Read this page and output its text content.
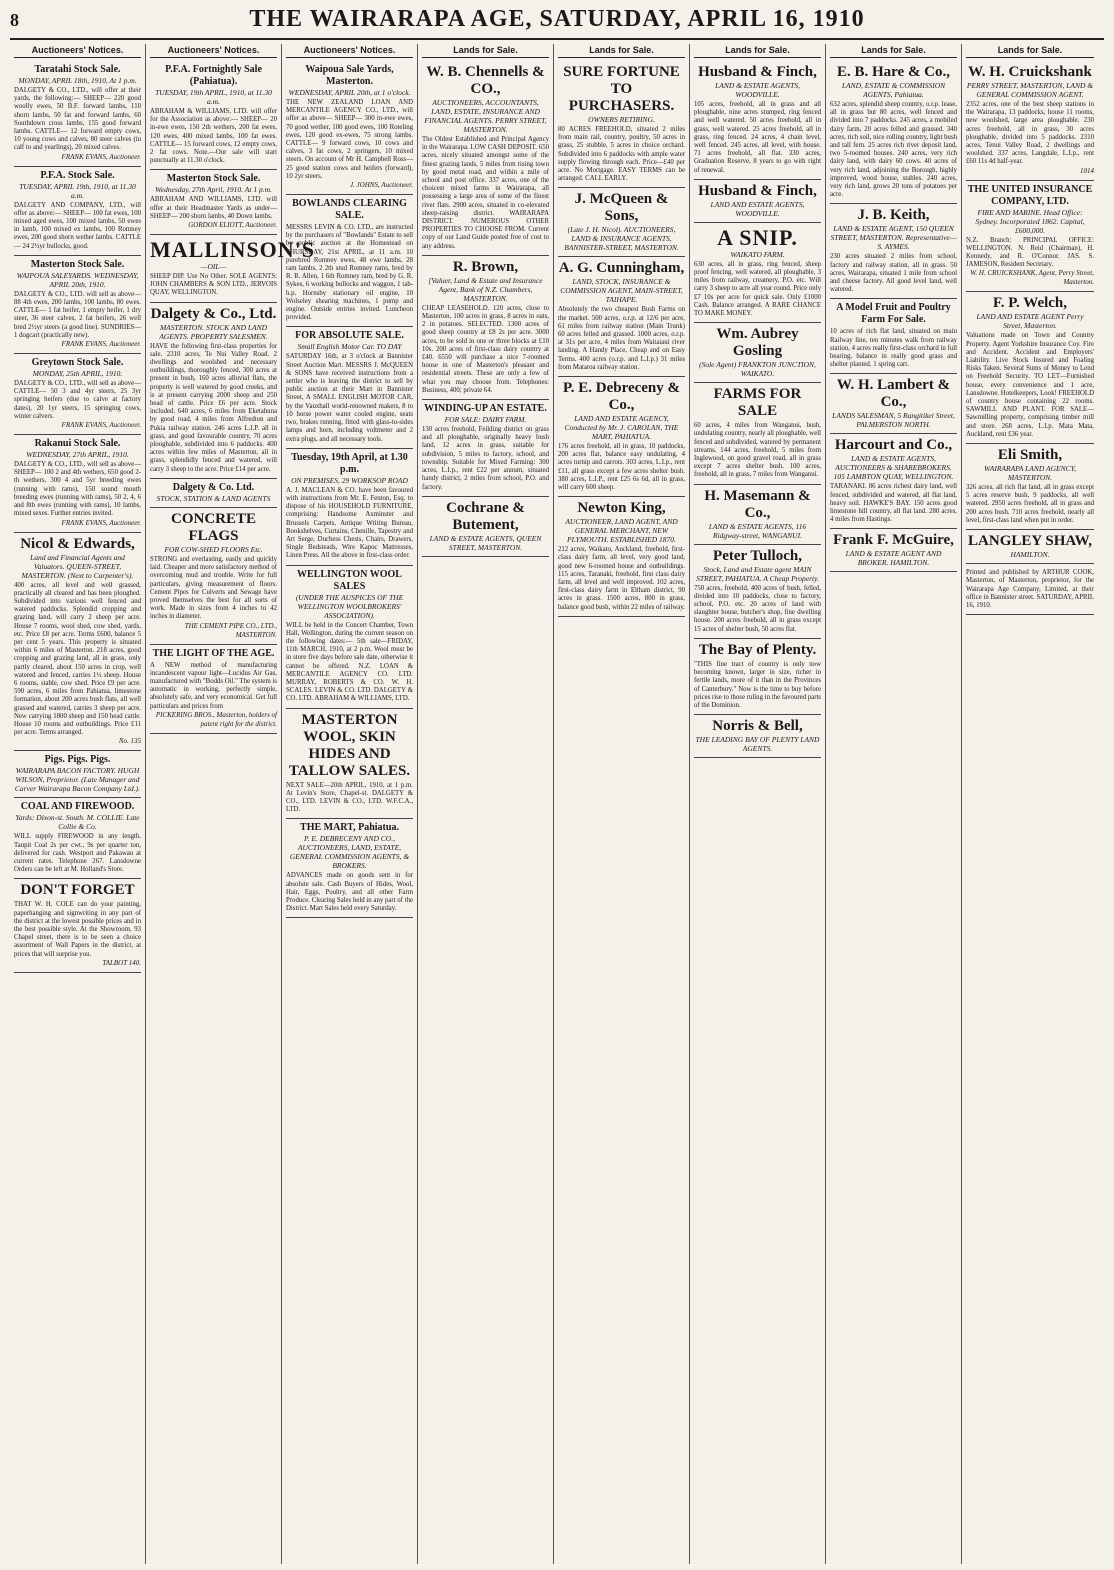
8	THE WAIRARAPA AGE, SATURDAY, APRIL 16, 1910
Auctioneers' Notices.
Taratahi Stock Sale.
MONDAY, APRIL 18th, 1910, At 1 p.m.
DALGETY & CO., LTD., will offer at their yards, the following:— SHEEP— 220 good woolly ewes, 50 B.F. forward lambs, 110 shorn lambs, 50 fat and forward lambs, 60 Southdown cross lambs, 155 good forward lambs. CATTLE— 12 forward empty cows, 10 young cows and calves, 80 steer calves (in calf to and yearlings), 20 mixed calves.
FRANK EVANS, Auctioneer.
P.F.A. Stock Sale.
TUESDAY, APRIL 19th, 1910, at 11.30 a.m.
DALGETY AND COMPANY, LTD., will offer as above:— SHEEP— 100 fat ewes, 100 mixed aged ewes, 100 mixed lambs, 50 ewes in lamb, 100 mixed ex lambs, 100 Romney ewes, 200 good shorn wether lambs. CATTLE— 24 2½yr bullocks, good.
Masterton Stock Sale.
WAIPOUA SALEYARDS. WEDNESDAY, APRIL 20th, 1910.
DALGETY & CO., LTD. will sell as above— 88 4th ewes, 200 lambs, 100 lambs, 80 ewes. CATTLE— 1 fat heifer, 1 empty heifer, 1 dry steer, 36 steer calves, 2 fat heifers, 26 well bred 2½yr steers (a good line). SUNDRIES— 1 dogcart (practically new).
FRANK EVANS, Auctioneer.
Greytown Stock Sale.
MONDAY, 25th APRIL, 1910.
DALGETY & CO., LTD., will sell as above— CATTLE— 50 3 and 4yr steers, 25 3yr springing heifers (due to calve at factory dates), 20 1yr steers, 15 springing cows, winter calvers.
FRANK EVANS, Auctioneer.
Rakanui Stock Sale.
WEDNESDAY, 27th APRIL, 1910.
DALGETY & CO., LTD., will sell as above— SHEEP— 100 2 and 4th wethers, 650 good 2-th wethers, 300 4 and 5yr breeding ewes (running with rams), 150 sound mouth breeding ewes (running with rams), 50 2, 4, 6 and 8th ewes (running with rams), 10 lambs, mixed sexes. Further entries invited.
FRANK EVANS, Auctioneer.
Nicol & Edwards,
Land and Financial Agents and Valuators. QUEEN-STREET, MASTERTON. (Next to Carpenter's).
400 acres, all level and well grassed, practically all cleared and has been ploughed. Subdivided into various well fenced and watered paddocks. Splendid cropping and grazing land, will carry 2 sheep per acre. House 7 rooms, wool shed, cow shed, yards, etc. Price £8 per acre. Terms £600, balance 5 per cent 5 years. This property is situated within 6 miles of Masterton. 218 acres, good cropping and grazing land, all in grass, only partly cleared, about 150 acres in crop, well watered and fenced, carries 1½ sheep. House 6 rooms, stable, cow shed. Price £9 per acre. 590 acres, 6 miles from Pahiatua, limestone formation, about 200 acres bush flats, all well grassed and watered, carries 3 sheep per acre. New carrying 1800 sheep and 150 head cattle. House 10 rooms and outbuildings. Price £11 per acre. Terms arranged.
No. 135
Pigs. Pigs. Pigs.
WAIRARAPA BACON FACTORY. HUGH WILSON, Proprietor. (Late Manager and Carver Wairarapa Bacon Company Ltd.).
COAL AND FIREWOOD.
Yards: Dixon-st. South. M. COLLIE. Late Collie & Co.
WILL supply FIREWOOD in any length. Tanpit Coal 2s per cwt., 9s per quarter ton, delivered for cash. Westport and Pakawau at current rates. Telephone 267. Lansdowne Orders can be left at M. Holland's Store.
DON'T FORGET
THAT W. H. COLE can do your painting, paperhanging and signwriting in any part of the district at the lowest possible prices and in the best possible style. At the Showroom, 93 Chapel street, there is to be seen a choice assortment of Wall Papers in the district, at prices that will surprise you.
TALBOT 140.
Auctioneers' Notices.
P.F.A. Fortnightly Sale (Pahiatua).
TUESDAY, 19th APRIL, 1910, at 11.30 a.m.
ABRAHAM & WILLIAMS, LTD. will offer for the Association as above:— SHEEP— 20 in-ewe ewes, 150 2th wethers, 200 fat ewes, 120 ewes, 400 mixed lambs, 100 fat ewes. CATTLE— 15 forward cows, 12 empty cows, 2 fat cows. Note.—Our sale will start punctually at 11.30 o'clock.
Masterton Stock Sale.
Wednesday, 27th April, 1910. At 1 p.m.
ABRAHAM AND WILLIAMS, LTD. will offer at their Headmaster Yards as under— SHEEP— 200 shorn lambs, 40 Down lambs.
GORDON ELIOTT, Auctioneer.
MALLINSON'S
—OIL—
SHEEP DIP. Use No Other. SOLE AGENTS: JOHN CHAMBERS & SON LTD., JERVOIS QUAY, WELLINGTON.
Dalgety & Co., Ltd.
MASTERTON. STOCK AND LAND AGENTS. PROPERTY SALESMEN.
HAVE the following first-class properties for sale. 2310 acres, Te Nui Valley Road. 2 dwellings and woolshed and necessary outbuildings, thoroughly fenced, 300 acres at present in bush, 160 acres alluvial flats, the property is well watered by good creeks, and is at present carrying 2000 sheep and 250 head of cattle. Price £6 per acre. Stock included. 640 acres, 6 miles from Eketahuna by good road, 4 miles from Alfredton and Pukia railway station. 246 acres L.I.P. all in grass, and good favourable country, 70 acres ploughable, subdivided into 6 paddocks. 400 acres within few miles of Masterton, all in grass, splendidly fenced and watered, will carry 3 sheep to the acre. Price £14 per acre.
Dalgety & Co. Ltd.
STOCK, STATION & LAND AGENTS
CONCRETE FLAGS
FOR COW-SHED FLOORS Etc.
STRONG and everlasting, easily and quickly laid. Cheaper and more satisfactory method of overcoming mud and trouble. Write for full particulars, giving measurement of floors. Cement Pipes for Culverts and Sewage have proved themselves the best for all sorts of work. Made in sizes from 4 inches to 42 inches in diameter.
THE CEMENT PIPE CO., LTD., MASTERTON.
THE LIGHT OF THE AGE.
A NEW method of manufacturing incandescent vapour light—Lucidus Air Gas, manufactured with "Bodds Oil." The system is automatic in working, perfectly simple, absolutely safe, and very economical. Get full particulars and prices from
PICKERING BROS., Masterton, holders of patent right for the district.
Auctioneers' Notices.
Waipoua Sale Yards, Masterton.
WEDNESDAY, APRIL 20th, at 1 o'clock.
THE NEW ZEALAND LOAN AND MERCANTILE AGENCY CO., LTD., will offer as above— SHEEP— 300 in-ewe ewes, 70 good wether, 100 good ewes, 100 Roteling ewes, 120 good ex-ewes, 75 strong lambs. CATTLE— 9 forward cows, 10 cows and calves, 3 fat cows, 2 springers, 10 mixed steers. On account of Mr H. Campbell Ross— 25 good station cows and heifers (forward), 10 2yr steers.
J. JOHNS, Auctioneer.
BOWLANDS CLEARING SALE.
MESSRS LEVIN & CO. LTD., are instructed by the purchasers of "Bowlands" Estate to sell by public auction at the Homestead on THURSDAY, 21st APRIL, at 11 a.m. 10 purebred Romney ewes, 48 ewe lambs, 28 ram lambs, 2 2th stud Romney rams, bred by R. R. Allen, 1 6th Romney ram, bred by G. R. Sykes, 6 working bullocks and waggon, 1 tab-h.p. Hornsby stationary oil engine, 10 Wolseley shearing machines, 1 pump and engine. Outside entries invited. Luncheon provided.
FOR ABSOLUTE SALE.
Small English Motor Car. TO DAY
SATURDAY 16th, at 3 o'clock at Bannister Street Auction Mart. MESSRS J. McQUEEN & SONS have received instructions from a settler who is leaving the district to sell by public auction at their Mart in Bannister Street, A SMALL ENGLISH MOTOR CAR, by the Vauxhall world-renowned makers, 8 to 10 horse power water cooled engine, seats two, brakes running, fitted with glass-to-sides lamps and horn, including voltmeter and 2 extra plugs, and all necessary tools.
Tuesday, 19th April, at 1.30 p.m.
ON PREMISES, 29 WORKSOP ROAD
A. J. MACLEAN & CO. have been favoured with instructions from Mr. E. Fenton, Esq. to dispose of his HOUSEHOLD FURNITURE, comprising: Handsome Axminster and Brussels Carpets, Antique Writing Bureau, Bookshelves, Curtains, Chenille, Tapestry and Art Serge, Duchess Chests, Chairs, Drawers, Single Bedsteads, Wire Kapoc Mattresses, Linen Press. All the above in first-class order.
WELLINGTON WOOL SALES
(UNDER THE AUSPICES OF THE WELLINGTON WOOLBROKERS' ASSOCIATION).
WILL be held in the Concert Chamber, Town Hall, Wellington, during the current season on the following dates:— 5th sale—FRIDAY, 11th MARCH, 1910, at 2 p.m. Wool must be in store five days before sale date, otherwise it cannot be offered. N.Z. LOAN & MERCANTILE AGENCY CO. LTD. MURRAY, ROBERTS & CO. W. H. SCALES. LEVIN & CO. LTD. DALGETY & CO. LTD. ABRAHAM & WILLIAMS, LTD.
MASTERTON WOOL, SKIN HIDES AND TALLOW SALES.
NEXT SALE—20th APRIL, 1910, at 1 p.m. At Levin's Store, Chapel-st. DALGETY & CO., LTD. LEVIN & CO., LTD. W.F.C.A., LTD.
THE MART, Pahiatua.
P. E. DEBRECENY AND CO., AUCTIONEERS, LAND, ESTATE, GENERAL COMMISSION AGENTS, & BROKERS.
ADVANCES made on goods sent in for absolute sale. Cash Buyers of Hides, Wool, Hair, Eggs, Poultry, and all other Farm Produce. Clearing Sales held in any part of the District. Mart Sales held every Saturday.
Lands for Sale.
W. B. Chennells & CO.,
AUCTIONEERS, ACCOUNTANTS, LAND, ESTATE, INSURANCE AND FINANCIAL AGENTS. PERRY STREET, MASTERTON.
The Oldest Established and Principal Agency in the Wairarapa. LOW CASH DEPOSIT. 650 acres, nicely situated amongst some of the finest grazing lands, 5 miles from rising town by good metal road, and within a mile of school and post office. 337 acres, one of the choicest mixed farms in Wairarapa, all possessing a large area of some of the finest river flats. 2900 acres, situated in co-elevated sheep-raising district. WAIRARAPA DISTRICT. NUMEROUS OTHER PROPERTIES TO CHOOSE FROM. Current copy of our Land Guide posted free of cost to any address.
R. Brown,
[Valuer, Land & Estate and Insurance Agent, Bank of N.Z. Chambers, MASTERTON.
CHEAP LEASEHOLD. 120 acres, close to Masterton, 100 acres in grass, 8 acres in oats, 2 in potatoes. SELECTED. 1300 acres of good sheep country at £8 2s per acre. 3000 acres, to be sold in one or three blocks at £10 10s. 200 acres of first-class dairy country at £40. 6550 will purchase a nice 7-roomed house in one of Masterton's pleasant and residential streets. These are only a few of what you may choose from. Telephones: Business, 400; private 64.
WINDING-UP AN ESTATE.
FOR SALE: DAIRY FARM.
130 acres freehold, Feilding district on grass and all ploughable, originally heavy bush land, 12 acres in grass, suitable for subdivision, 5 miles to factory, school, and township. Suitable for Mixed Farming: 300 acres, L.I.p., rent £22 per annum, situated handy district, 2 miles from school, P.O. and factory.
Cochrane & Butement,
LAND & ESTATE AGENTS, QUEEN STREET, MASTERTON.
Lands for Sale.
SURE FORTUNE TO PURCHASERS.
OWNERS RETIRING.
80 ACRES FREEHOLD, situated 2 miles from main rail, country, poultry, 50 acres in grass, 25 stubble, 5 acres in choice orchard. Subdivided into 6 paddocks with ample water supply flowing through each. Price—£40 per acre. No Mortgage. EASY TERMS can be arranged. CALL EARLY.
J. McQueen & Sons,
(Late J. H. Nicol). AUCTIONEERS, LAND & INSURANCE AGENTS, BANNISTER-STREET, MASTERTON.
A. G. Cunningham,
LAND, STOCK, INSURANCE & COMMISSION AGENT, MAIN-STREET, TAIHAPE.
Absolutely the two cheapest Bush Farms on the market. 500 acres, o.r.p. at 12/6 per acre, 61 miles from railway station (Main Trunk) 60 acres felled and grassed. 1000 acres, o.r.p. at 31s per acre, 4 miles from Waitaiaui river landing. A Handy Place, Cheap and on Easy Terms. 400 acres (o.r.p. and L.I.p.) 31 miles from Mataroa railway station.
P. E. Debreceny & Co.,
LAND AND ESTATE AGENCY, Conducted by Mr. J. CAROLAN, THE MART, PAHIATUA.
176 acres freehold, all in grass, 10 paddocks, 200 acres flat, balance easy undulating, 4 acres turnip and carrots. 303 acres, L.I.p., rent £11, all grass except a few acres shelter bush. 380 acres, L.I.P., rent £25 6s 6d, all in grass, will carry 600 sheep.
Newton King,
AUCTIONEER, LAND AGENT, AND GENERAL MERCHANT, NEW PLYMOUTH. ESTABLISHED 1870.
212 acres, Waikato, Auckland, freehold, first-class dairy farm, all level, very good land, good new 6-roomed house and outbuildings. 115 acres, Taranaki, freehold, first class dairy farm, all level and well improved. 102 acres, first-class dairy farm in Eltham district, 90 acres in grass. 1500 acres, 800 in grass, balance good bush, within 22 miles of railway.
Lands for Sale.
Husband & Finch,
LAND & ESTATE AGENTS, WOODVILLE.
105 acres, freehold, all in grass and all ploughable, nine acres stumped, ring fenced and well watered. 50 acres freehold, all in grass, well watered. 25 acres freehold, all in grass, ring fenced. 24 acres, 4 chain level, well fenced. 245 acres, all level, with house. 71 acres freehold, all flat. 330 acres, Graduation Reserve, 8 years to go with right of renewal.
Husband & Finch,
LAND AND ESTATE AGENTS, WOODVILLE.
A SNIP.
WAIKATO FARM.
630 acres, all in grass, ring fenced, sheep proof fencing, well watered, all ploughable, 3 miles from railway, creamery, P.O. etc. Will carry 3 sheep to acre all year round. Price only £7 10s per acre for quick sale. Only £1000 Cash. Balance arranged. A RARE CHANCE TO MAKE MONEY.
Wm. Aubrey Gosling
(Sole Agent) FRANKTON JUNCTION, WAIKATO.
FARMS FOR SALE
60 acres, 4 miles from Wanganui, bush, undulating country, nearly all ploughable, well fenced and subdivided, watered by permanent streams. 144 acres, freehold, 5 miles from Inglewood, on good gravel road, all in grass except 7 acres shelter bush. 100 acres, freehold, all in grass, 7 miles from Wanganui.
H. Masemann & Co.,
LAND & ESTATE AGENTS, 116 Ridgway-street, WANGANUI.
Peter Tulloch,
Stock, Land and Estate agent MAIN STREET, PAHIATUA. A Cheap Property.
750 acres, freehold, 400 acres of bush, felled, divided into 10 paddocks, close to factory, school, P.O. etc. 20 acres of land with slaughter house, butcher's shop, fine dwelling house. 200 acres freehold, all in grass except 15 acres of shelter bush, 50 acres flat.
The Bay of Plenty.
"THIS fine tract of country is only now becoming known, larger in size, richer in fertile lands, more of it than in the Provinces of Canterbury." Now is the time to buy before prices rise to those ruling in the favoured parts of the Dominion.
Norris & Bell,
THE LEADING BAY OF PLENTY LAND AGENTS.
Lands for Sale.
E. B. Hare & Co.,
LAND, ESTATE & COMMISSION AGENTS, Pahiatua.
632 acres, splendid sheep country, o.r.p. lease, all in grass but 80 acres, well fenced and divided into 7 paddocks. 245 acres, a mobiled dairy farm, 20 acres felled and grassed. 340 acres, rich soil, nice rolling country, light bush and tall fern. 25 acres rich river deposit land, two 5-roomed houses. 240 acres, very rich dairy land, with dairy 60 cows. 40 acres of very rich land, adjoining the Borough, highly improved, wood house, stables. 240 acres, very rich land, grows 20 tons of potatoes per acre.
J. B. Keith,
LAND & ESTATE AGENT, 150 QUEEN STREET, MASTERTON. Representative—S. AYMES.
230 acres situated 2 miles from school, factory and railway station, all in grass. 50 acres, Wairarapa, situated 1 mile from school and cheese factory. All good level land, well watered.
A Model Fruit and Poultry Farm For Sale.
10 acres of rich flat land, situated on main Railway line, ten minutes walk from railway station, 4 acres really first-class orchard in full bearing, balance in really good grass and shelter planted. 1 spring cart.
W. H. Lambert & Co.,
LANDS SALESMAN, 5 Rangitikei Street, PALMERSTON NORTH.
Harcourt and Co.,
LAND & ESTATE AGENTS, AUCTIONEERS & SHAREBROKERS. 105 LAMBTON QUAY, WELLINGTON.
TARANAKI. 86 acres richest dairy land, well fenced, subdivided and watered, all flat land, heavy soil. HAWKE'S BAY. 150 acres good limestone hill country, all flat land. 280 acres, 4 miles from Hastings.
Frank F. McGuire,
LAND & ESTATE AGENT AND BROKER. HAMILTON.
Lands for Sale.
W. H. Cruickshank
PERRY STREET, MASTERTON, LAND & GENERAL COMMISSION AGENT.
2352 acres, one of the best sheep stations in the Wairarapa, 13 paddocks, house 11 rooms, new woolshed, large area ploughable. 230 acres freehold, all in grass, 30 acres ploughable, divided into 5 paddocks. 2310 acres, Tenui Valley Road, 2 dwellings and woolshed. 337 acres, Langdale, L.I.p., rent £60 11s 4d half-year.
1014
THE UNITED INSURANCE COMPANY, LTD.
FIRE AND MARINE. Head Office: Sydney. Incorporated 1862. Capital, £600,000.
N.Z. Branch: PRINCIPAL OFFICE: WELLINGTON. N. Reid (Chairman), H. Kennedy, and R. O'Connor. JAS. S. JAMESON, Resident Secretary.
W. H. CRUICKSHANK, Agent, Perry Street, Masterton.
F. P. Welch,
LAND AND ESTATE AGENT Perry Street, Masterton.
Valuations made on Town and Country Property. Agent Yorkshire Insurance Coy. Fire and Accident. Accident and Employers' Liability. Live Stock Insured and Foaling Risks Taken. Several Sums of Money to Lend on Freehold Security. TO LET—Furnished house, every convenience and 1 acre, Lansdowne. Hotelkeepers, Look! FREEHOLD of country house containing 22 rooms. SAWMILL AND PLANT. FOR SALE—Sawmilling property, comprising timber mill and store. 268 acres, L.I.p. Mata Mata, Auckland, rent £36 year.
Eli Smith,
WAIRARAPA LAND AGENCY, MASTERTON.
326 acres, all rich flat land, all in grass except 5 acres reserve bush, 9 paddocks, all well watered. 2950 acres freehold, all in grass and 200 acres bush. 710 acres freehold, nearly all level, first-class land when put in order.
LANGLEY SHAW,
HAMILTON.
Printed and published by ARTHUR COOK, Masterton, of Masterton, proprietor, for the Wairarapa Age Company, Limited, at their office in Bannister street. SATURDAY, APRIL 16, 1910.
